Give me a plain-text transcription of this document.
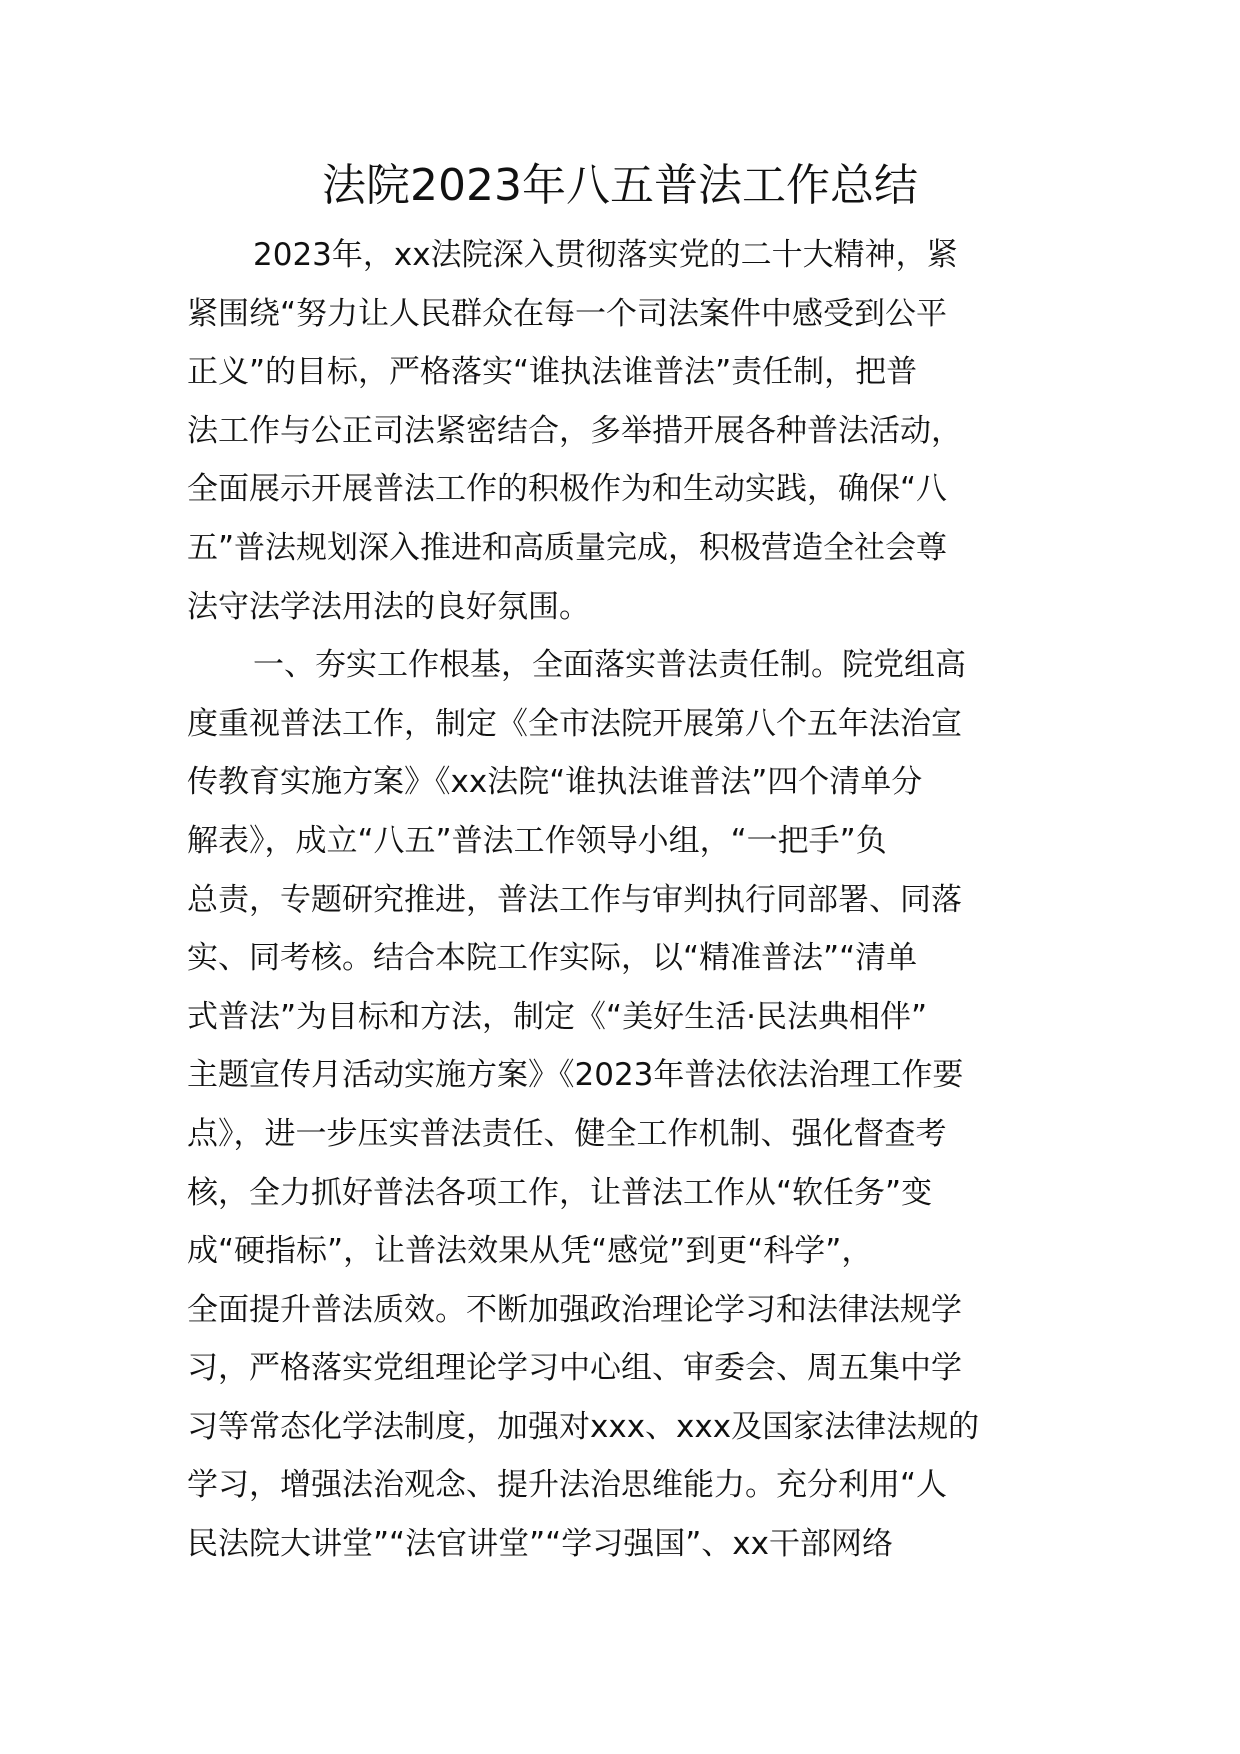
法院2023年八五普法工作总结
2023年，xx法院深入贯彻落实党的二十大精神，紧
紧围绕“努力让人民群众在每一个司法案件中感受到公平
正义”的目标，严格落实“谁执法谁普法”责任制，把普
法工作与公正司法紧密结合，多举措开展各种普法活动，
全面展示开展普法工作的积极作为和生动实践，确保“八
五”普法规划深入推进和高质量完成，积极营造全社会尊
法守法学法用法的良好氛围。
一、夯实工作根基，全面落实普法责任制。院党组高
度重视普法工作，制定《全市法院开展第八个五年法治宣
传教育实施方案》《xx法院“谁执法谁普法”四个清单分
解表》，成立“八五”普法工作领导小组，“一把手”负
总责，专题研究推进，普法工作与审判执行同部署、同落
实、同考核。结合本院工作实际，以“精准普法”“清单
式普法”为目标和方法，制定《“美好生活·民法典相伴”
主题宣传月活动实施方案》《2023年普法依法治理工作要
点》，进一步压实普法责任、健全工作机制、强化督查考
核，全力抓好普法各项工作，让普法工作从“软任务”变
成“硬指标”，让普法效果从凭“感觉”到更“科学”，
全面提升普法质效。不断加强政治理论学习和法律法规学
习，严格落实党组理论学习中心组、审委会、周五集中学
习等常态化学法制度，加强对xxx、xxx及国家法律法规的
学习，增强法治观念、提升法治思维能力。充分利用“人
民法院大讲堂”“法官讲堂”“学习强国”、xx干部网络
